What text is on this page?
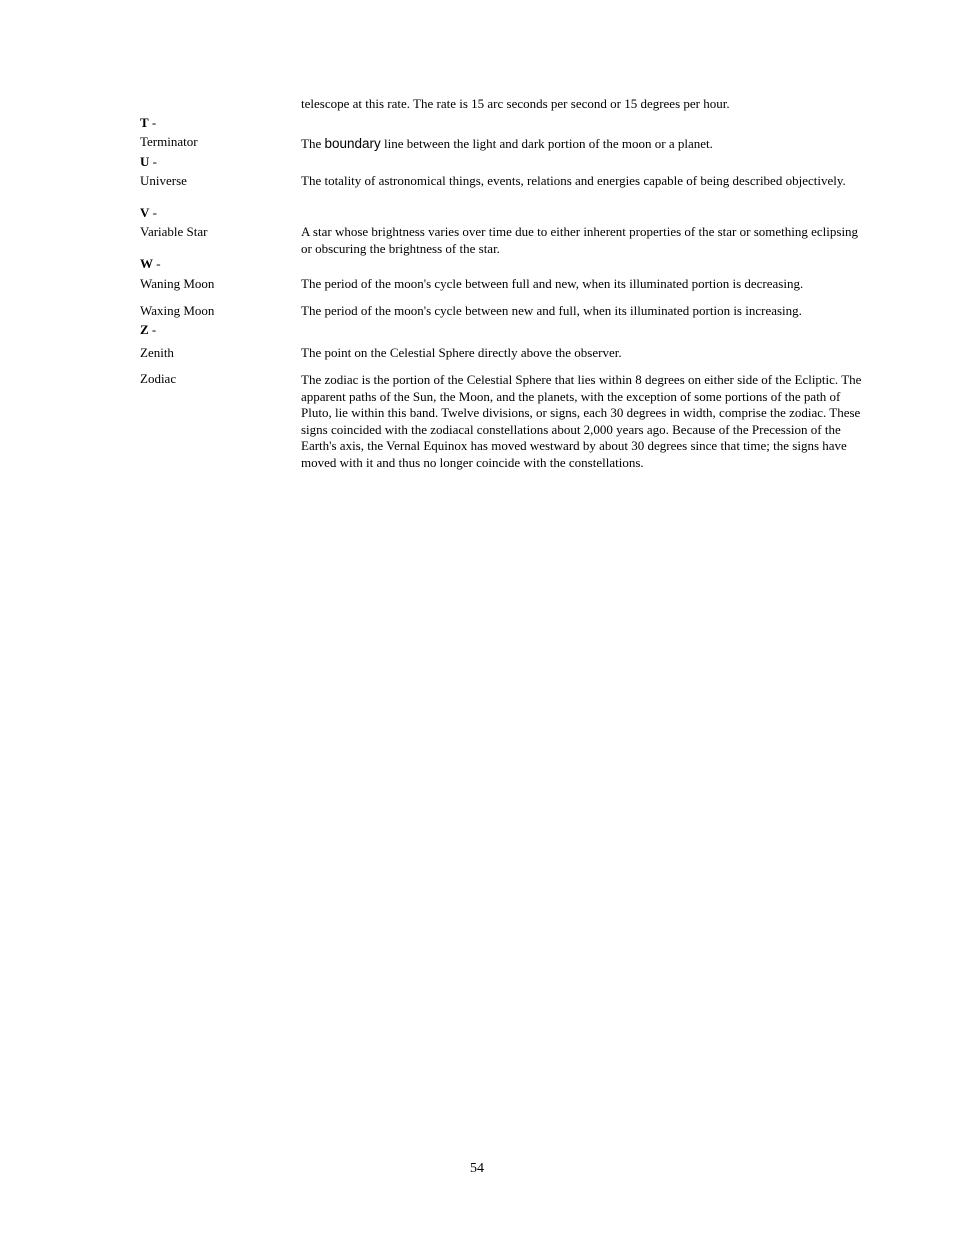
telescope at this rate. The rate is 15 arc seconds per second or 15 degrees per hour.
T -
Terminator	The boundary line between the light and dark portion of the moon or a planet.
U -
Universe	The totality of astronomical things, events, relations and energies capable of being described objectively.
V -
Variable Star	A star whose brightness varies over time due to either inherent properties of the star or something eclipsing or obscuring the brightness of the star.
W -
Waning Moon	The period of the moon's cycle between full and new, when its illuminated portion is decreasing.
Waxing Moon	The period of the moon's cycle between new and full, when its illuminated portion is increasing.
Z -
Zenith	The point on the Celestial Sphere directly above the observer.
Zodiac	The zodiac is the portion of the Celestial Sphere that lies within 8 degrees on either side of the Ecliptic. The apparent paths of the Sun, the Moon, and the planets, with the exception of some portions of the path of Pluto, lie within this band. Twelve divisions, or signs, each 30 degrees in width, comprise the zodiac. These signs coincided with the zodiacal constellations about 2,000 years ago. Because of the Precession of the Earth's axis, the Vernal Equinox has moved westward by about 30 degrees since that time; the signs have moved with it and thus no longer coincide with the constellations.
54
